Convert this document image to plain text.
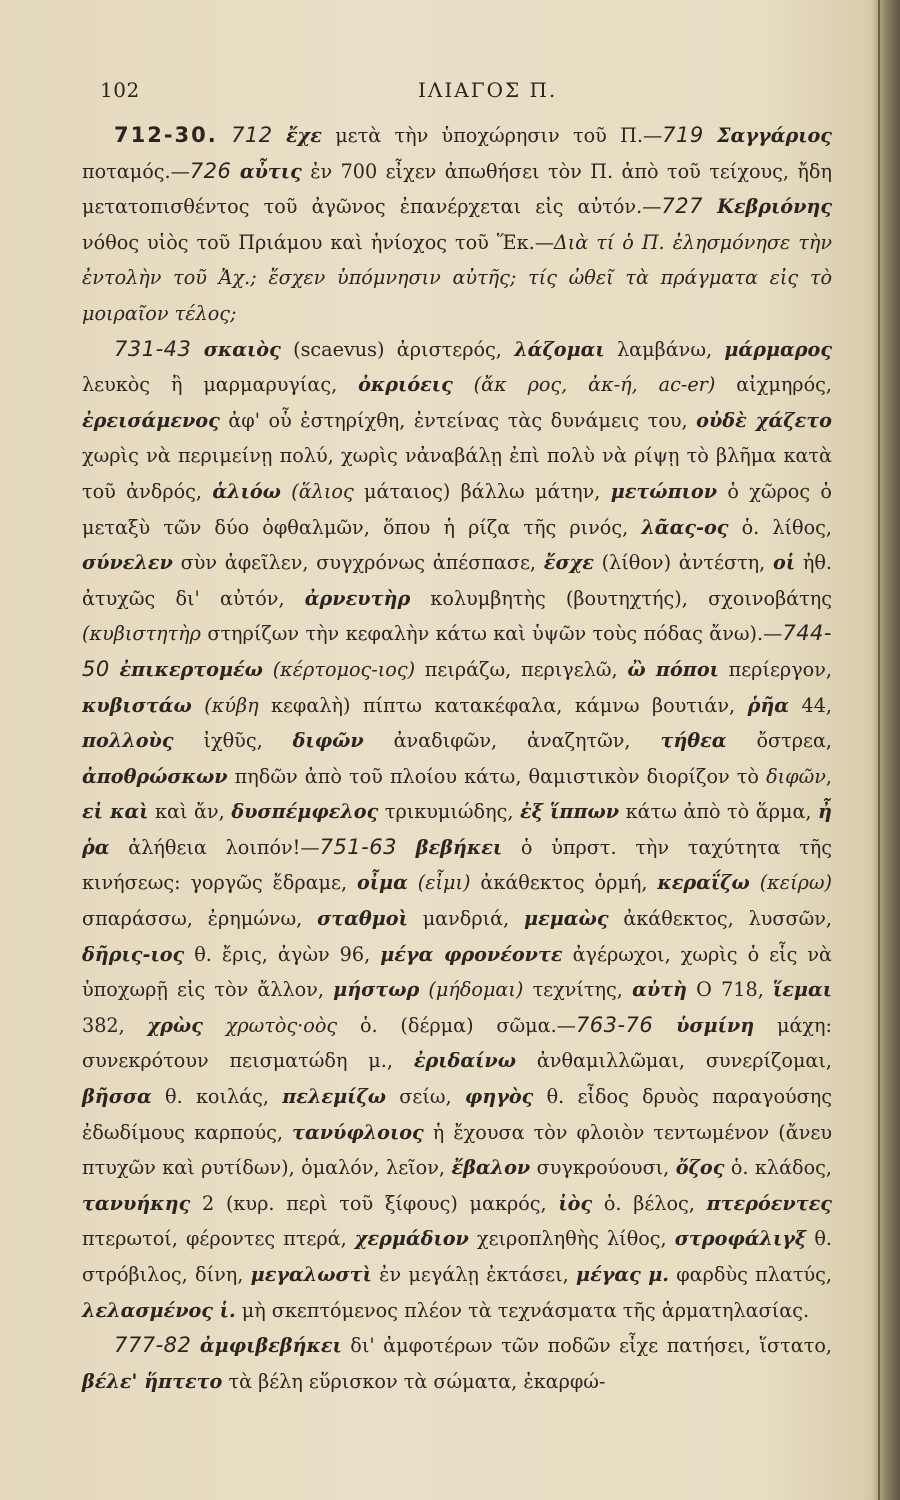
102	ΙΛΙΑΓΟΣ Π.

712-30. 712 ἔχε μετὰ τὴν ὑποχώρησιν τοῦ Π.—719 Σαγγάριος ποταμός.—726 αὖτις ἐν 700 εἶχεν ἀπωθήσει τὸν Π. ἀπὸ τοῦ τείχους, ἤδη μετατοπισθέντος τοῦ ἀγῶνος ἐπανέρχεται εἰς αὐτόν.—727 Κεβριόνης νόθος υἱὸς τοῦ Πριάμου καὶ ἡνίοχος τοῦ Ἕκ.—Διὰ τί ὁ Π. ἐλησμόνησε τὴν ἐντολὴν τοῦ Ἀχ.; ἔσχεν ὑπόμνησιν αὐτῆς; τίς ὠθεῖ τὰ πράγματα εἰς τὸ μοιραῖον τέλος;

731-43 σκαιὸς (scaevus) ἀριστερός, λάζομαι λαμβάνω, μάρμαρος λευκὸς ἢ μαρμαρυγίας, ὀκριόεις (ἄκ ρος, ἀκ-ή, ac-er) αἰχμηρός, ἐρεισάμενος ἀφ' οὗ ἐστηρίχθη, ἐντείνας τὰς δυνάμεις του, οὐδὲ χάζετο χωρὶς νὰ περιμείνῃ πολύ, χωρὶς νἀναβάλῃ ἐπὶ πολὺ νὰ ρίψῃ τὸ βλῆμα κατὰ τοῦ ἀνδρός, ἁλιόω (ἅλιος μάταιος) βάλλω μάτην, μετώπιον ὁ χῶρος ὁ μεταξὺ τῶν δύο ὀφθαλμῶν, ὅπου ἡ ρίζα τῆς ρινός, λᾶας-ος ὁ. λίθος, σύνελεν σὺν ἀφεῖλεν, συγχρόνως ἀπέσπασε, ἔσχε (λίθον) ἀντέστη, οἱ ἠθ. ἀτυχῶς δι' αὐτόν, ἀρνευτὴρ κολυμβητὴς (βουτηχτής), σχοινοβάτης (κυβιστητὴρ στηρίζων τὴν κεφαλὴν κάτω καὶ ὑψῶν τοὺς πόδας ἄνω).—744-50 ἐπικερτομέω (κέρτομος-ιος) πειράζω, περιγελῶ, ὢ πόποι περίεργον, κυβιστάω (κύβη κεφαλὴ) πίπτω κατακέφαλα, κάμνω βουτιάν, ῥῆα 44, πολλοὺς ἰχθῦς, διφῶν ἀναδιφῶν, ἀναζητῶν, τήθεα ὄστρεα, ἀποθρώσκων πηδῶν ἀπὸ τοῦ πλοίου κάτω, θαμιστικὸν διορίζον τὸ διφῶν, εἰ καὶ καὶ ἄν, δυσπέμφελος τρικυμιώδης, ἐξ ἵππων κάτω ἀπὸ τὸ ἅρμα, ἦ ῥα ἀλήθεια λοιπόν!—751-63 βεβήκει ὁ ὑπρστ. τὴν ταχύτητα τῆς κινήσεως: γοργῶς ἔδραμε, οἶμα (εἶμι) ἀκάθεκτος ὁρμή, κεραΐζω (κείρω) σπαράσσω, ἐρημώνω, σταθμοὶ μανδριά, μεμαὼς ἀκάθεκτος, λυσσῶν, δῆρις-ιος θ. ἔρις, ἀγὼν 96, μέγα φρονέοντε ἀγέρωχοι, χωρὶς ὁ εἷς νὰ ὑποχωρῇ εἰς τὸν ἄλλον, μήστωρ (μήδομαι) τεχνίτης, αὐτὴ Ο 718, ἵεμαι 382, χρὼς χρωτὸς·οὸς ὁ. (δέρμα) σῶμα.—763-76 ὑσμίνη μάχη: συνεκρότουν πεισματώδη μ., ἐριδαίνω ἀνθαμιλλῶμαι, συνερίζομαι, βῆσσα θ. κοιλάς, πελεμίζω σείω, φηγὸς θ. εἶδος δρυὸς παραγούσης ἐδωδίμους καρπούς, τανύφλοιος ἡ ἔχουσα τὸν φλοιὸν τεντωμένον (ἄνευ πτυχῶν καὶ ρυτίδων), ὁμαλόν, λεῖον, ἔβαλον συγκρούουσι, ὄζος ὁ. κλάδος, τανυήκης 2 (κυρ. περὶ τοῦ ξίφους) μακρός, ἰὸς ὁ. βέλος, πτερόεντες πτερωτοί, φέροντες πτερά, χερμάδιον χειροπληθὴς λίθος, στροφάλιγξ θ. στρόβιλος, δίνη, μεγαλωστὶ ἐν μεγάλῃ ἐκτάσει, μέγας μ. φαρδὺς πλατύς, λελασμένος ἱ. μὴ σκεπτόμενος πλέον τὰ τεχνάσματα τῆς ἁρματηλασίας.

777-82 ἀμφιβεβήκει δι' ἀμφοτέρων τῶν ποδῶν εἶχε πατήσει, ἵστατο, βέλε' ἥπτετο τὰ βέλη εὕρισκον τὰ σώματα, ἐκαρφώ-
